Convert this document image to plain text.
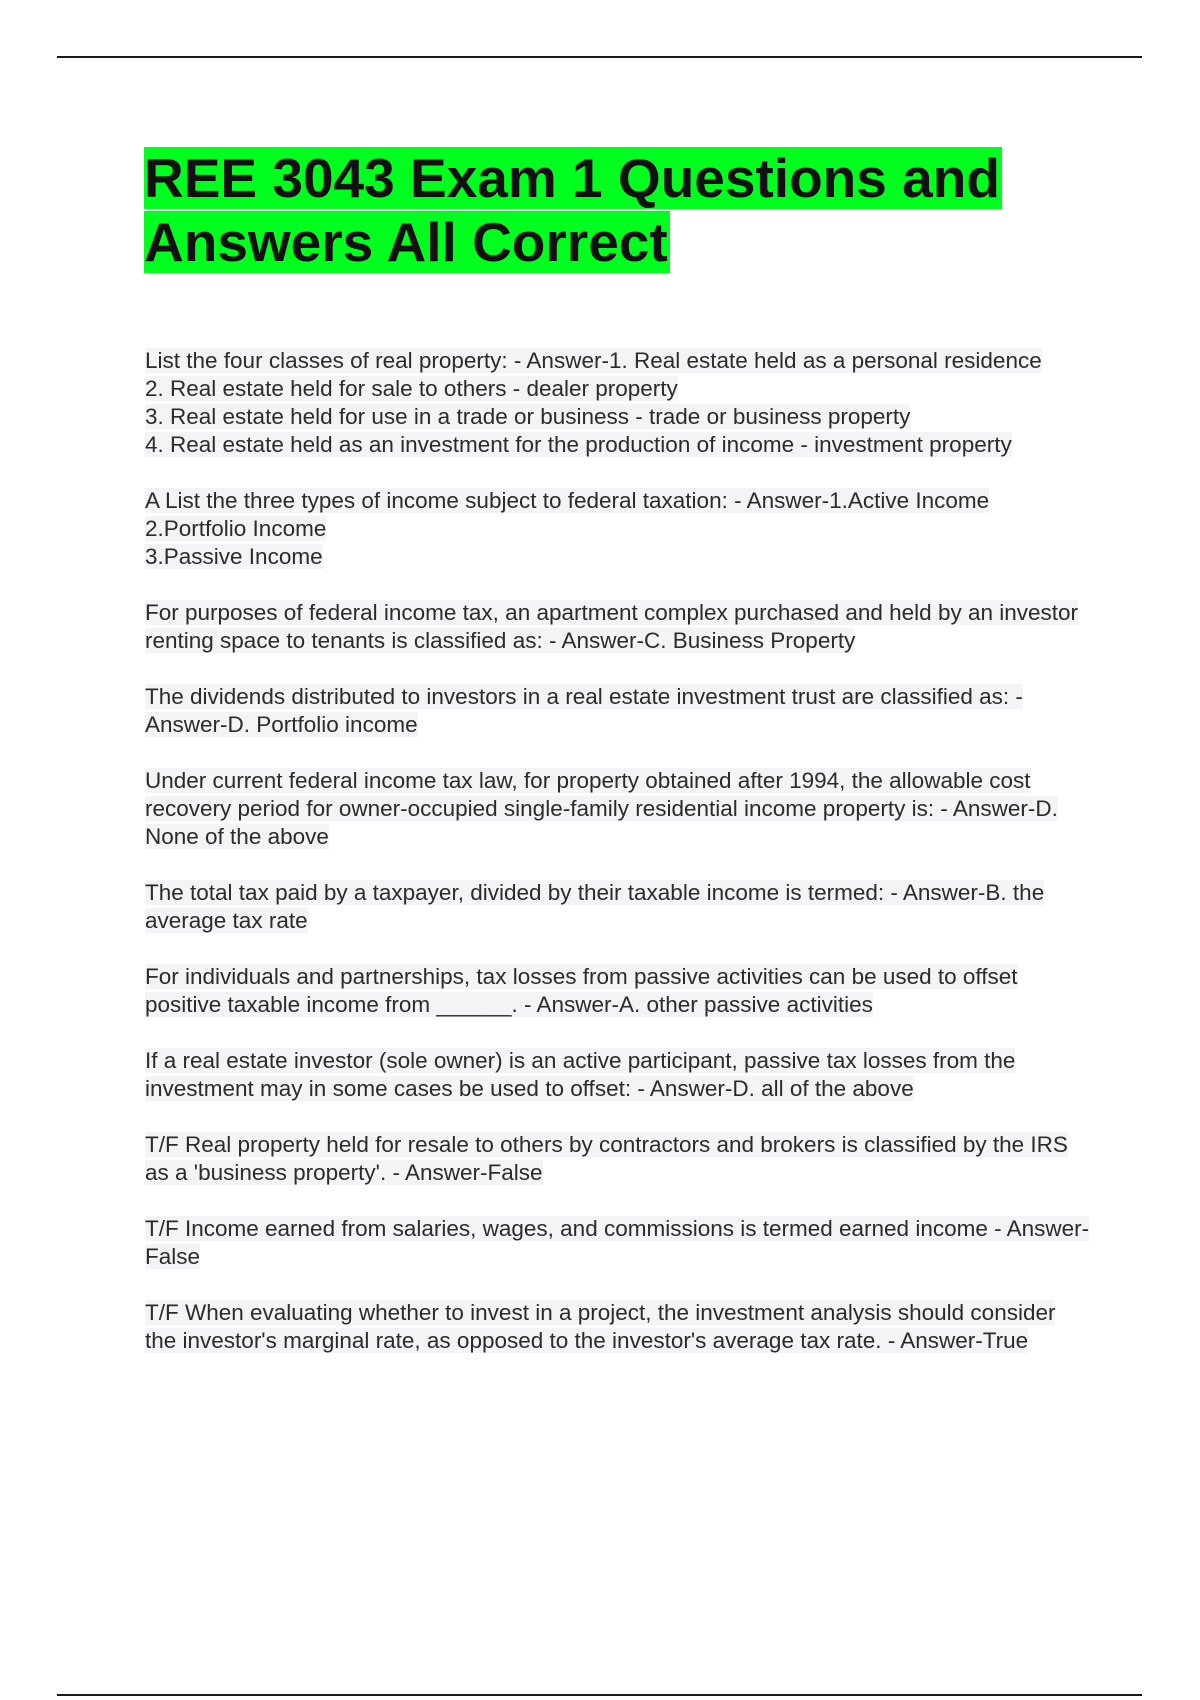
REE 3043 Exam 1 Questions and Answers All Correct

List the four classes of real property: - Answer-1. Real estate held as a personal residence

2. Real estate held for sale to others - dealer property

3. Real estate held for use in a trade or business - trade or business property

4. Real estate held as an investment for the production of income - investment property

A List the three types of income subject to federal taxation: - Answer-1.Active Income

2.Portfolio Income

3.Passive Income

For purposes of federal income tax, an apartment complex purchased and held by an investor renting space to tenants is classified as: - Answer-C. Business Property

The dividends distributed to investors in a real estate investment trust are classified as: - Answer-D. Portfolio income

Under current federal income tax law, for property obtained after 1994, the allowable cost recovery period for owner-occupied single-family residential income property is: - Answer-D. None of the above

The total tax paid by a taxpayer, divided by their taxable income is termed: - Answer-B. the average tax rate

For individuals and partnerships, tax losses from passive activities can be used to offset positive taxable income from ______. - Answer-A. other passive activities

If a real estate investor (sole owner) is an active participant, passive tax losses from the investment may in some cases be used to offset: - Answer-D. all of the above

T/F Real property held for resale to others by contractors and brokers is classified by the IRS as a 'business property'. - Answer-False

T/F Income earned from salaries, wages, and commissions is termed earned income - Answer-False

T/F When evaluating whether to invest in a project, the investment analysis should consider the investor's marginal rate, as opposed to the investor's average tax rate. - Answer-True
